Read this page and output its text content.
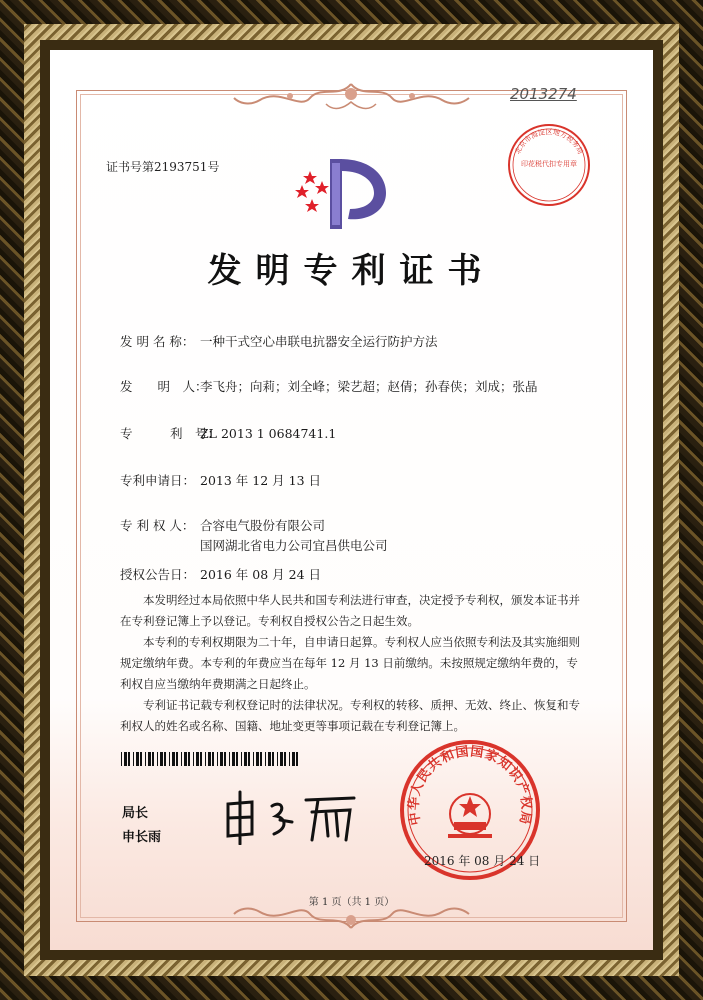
2013274
证书号第2193751号
发明专利证书
发 明 名 称： 一种干式空心串联电抗器安全运行防护方法
发　　明　人：李飞舟；向莉；刘全峰；梁艺超；赵倩；孙春侠；刘成；张晶
专　　　利　号：ZL 2013 1 0684741.1
专利申请日： 2013 年 12 月 13 日
专 利 权 人： 合容电气股份有限公司
国网湖北省电力公司宜昌供电公司
授权公告日： 2016 年 08 月 24 日

本发明经过本局依照中华人民共和国专利法进行审查，决定授予专利权，颁发本证书并在专利登记簿上予以登记。专利权自授权公告之日起生效。

本专利的专利权期限为二十年，自申请日起算。专利权人应当依照专利法及其实施细则规定缴纳年费。本专利的年费应当在每年 12 月 13 日前缴纳。未按照规定缴纳年费的，专利权自应当缴纳年费期满之日起终止。

专利证书记载专利权登记时的法律状况。专利权的转移、质押、无效、终止、恢复和专利权人的姓名或名称、国籍、地址变更等事项记载在专利登记簿上。

局长
申长雨
中华人民共和国国家知识产权局
2016 年 08 月 24 日
北京市海淀区地方税务局
印花税代扣专用章
第 1 页（共 1 页）
